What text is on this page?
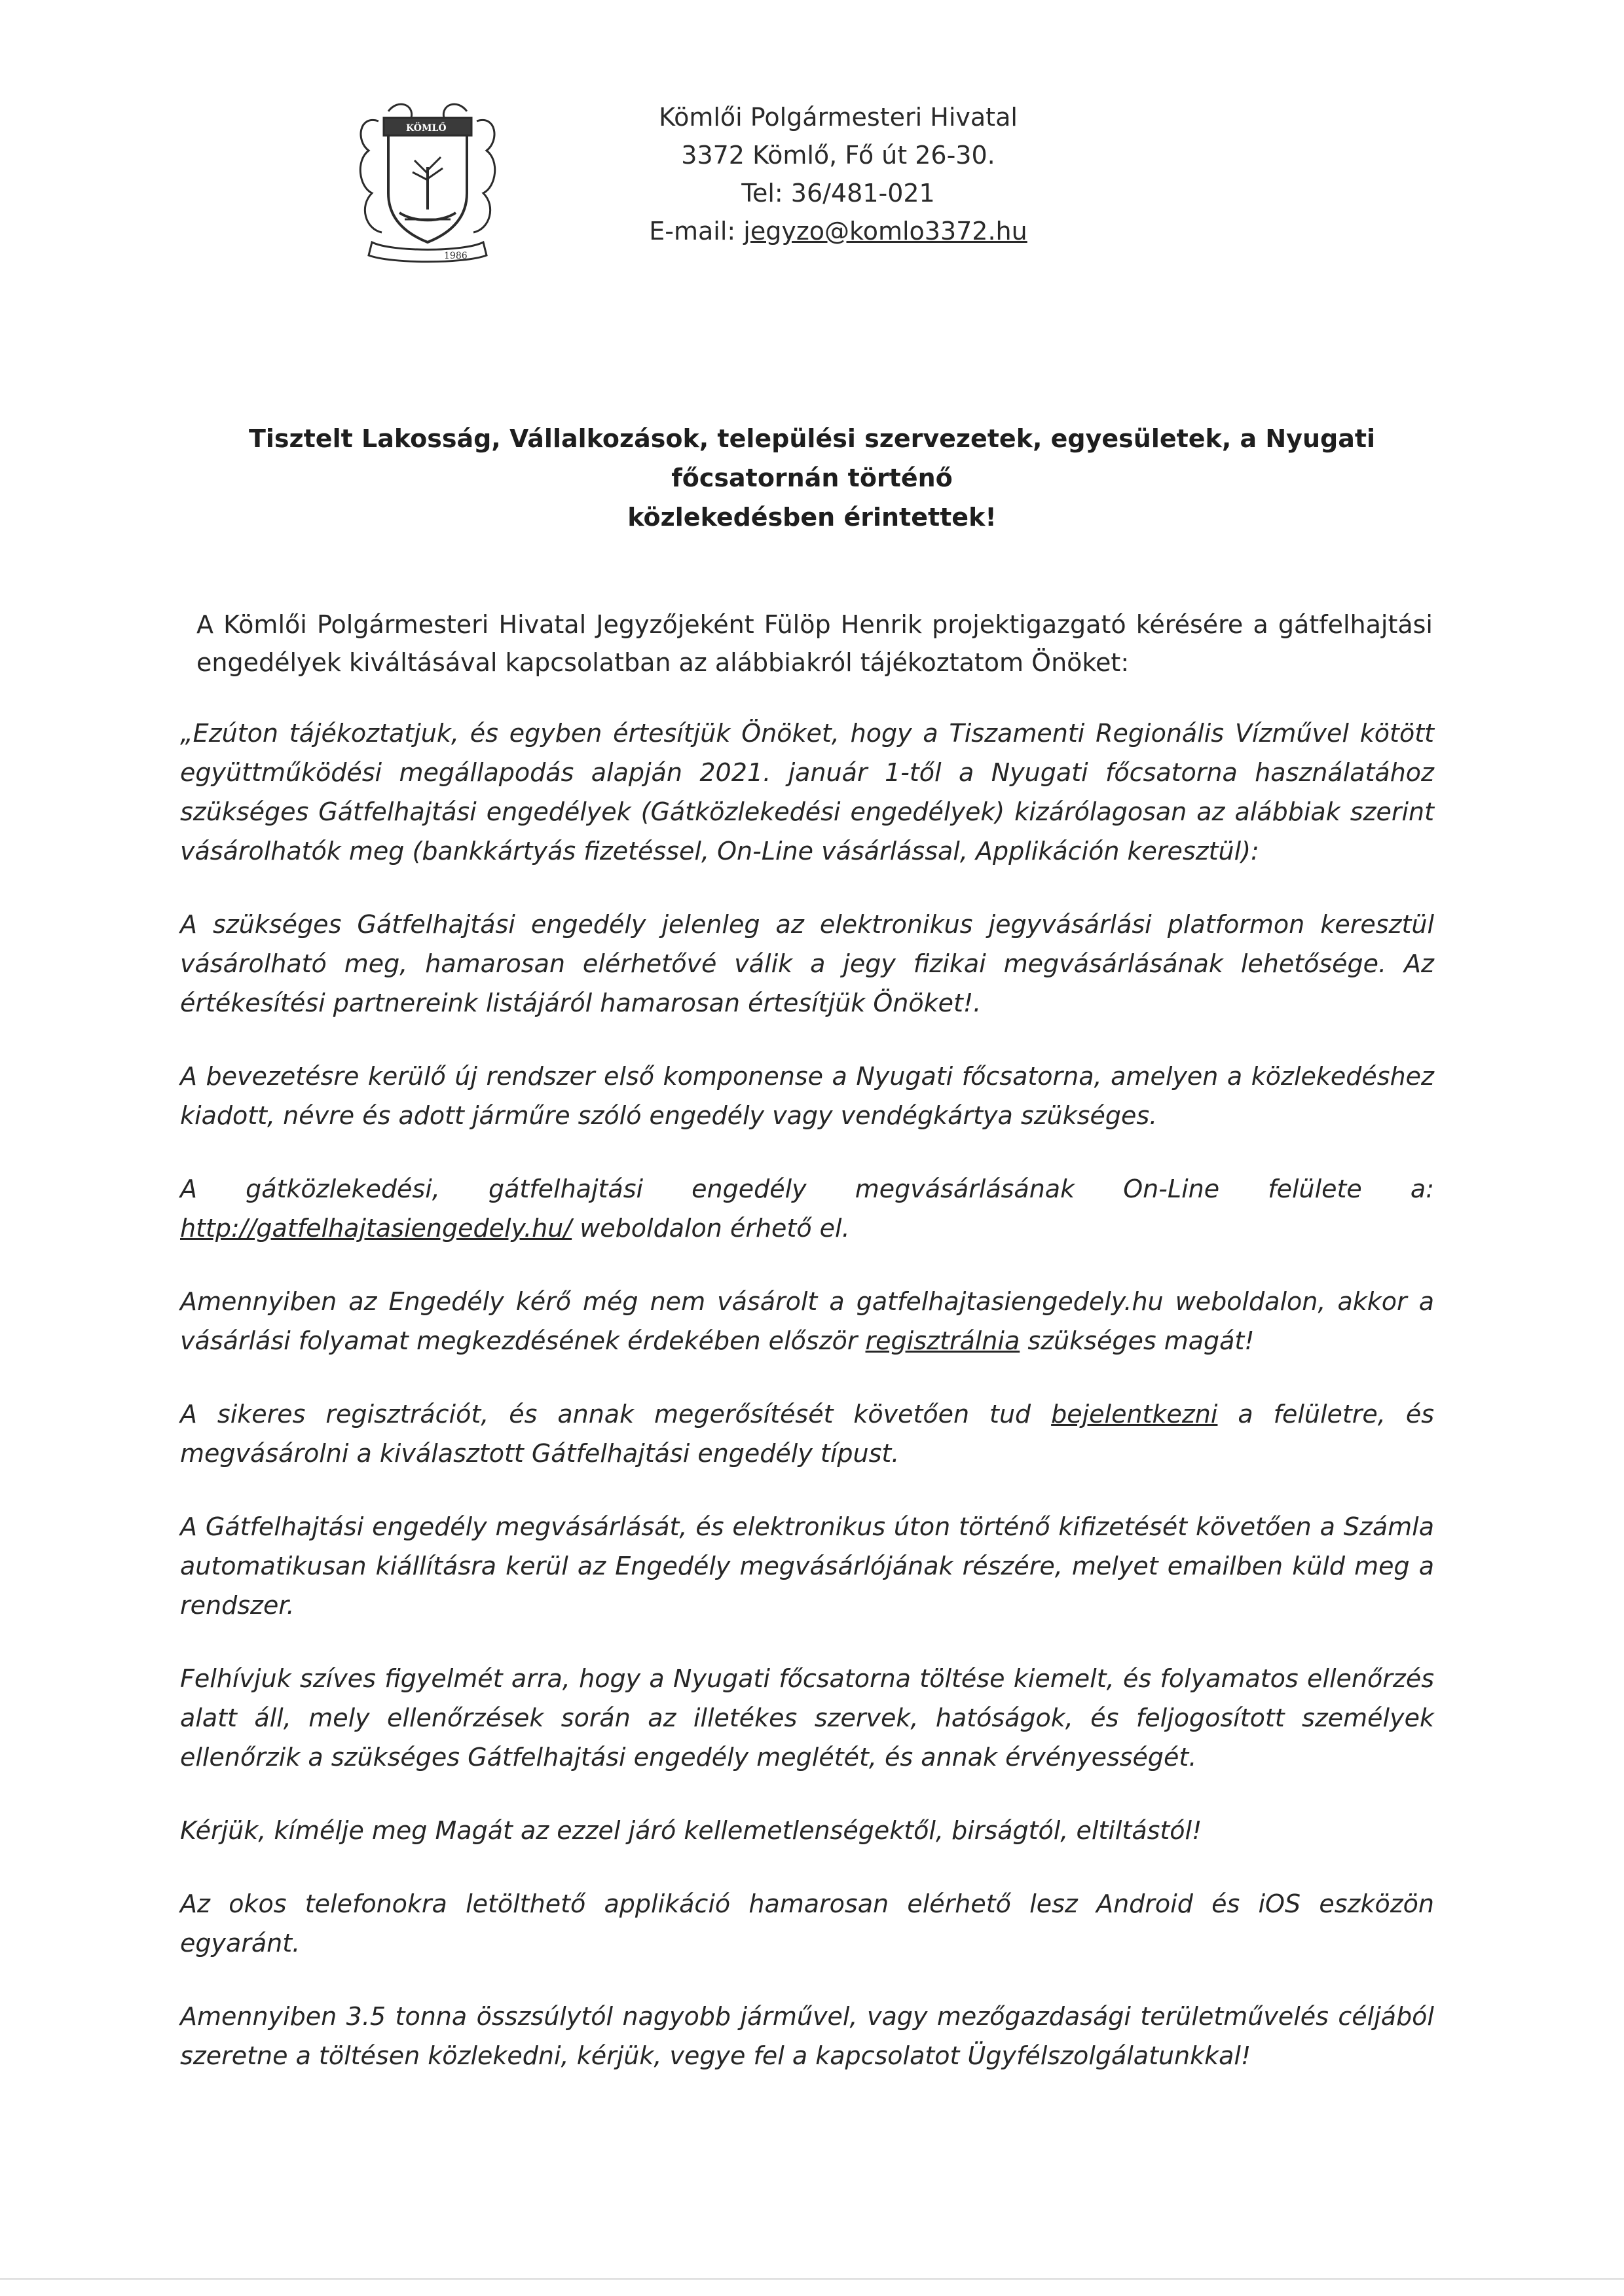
KÖMLŐ
1986
Kömlői Polgármesteri Hivatal
3372 Kömlő, Fő út 26-30.
Tel: 36/481-021
E-mail: jegyzo@komlo3372.hu
Tisztelt Lakosság, Vállalkozások, települési szervezetek, egyesületek, a Nyugati főcsatornán történő
közlekedésben érintettek!
A Kömlői Polgármesteri Hivatal Jegyzőjeként Fülöp Henrik projektigazgató kérésére a gátfelhajtási engedélyek kiváltásával kapcsolatban az alábbiakról tájékoztatom Önöket:

„Ezúton tájékoztatjuk, és egyben értesítjük Önöket, hogy a Tiszamenti Regionális Vízművel kötött együttműködési megállapodás alapján 2021. január 1-től a Nyugati főcsatorna használatához szükséges Gátfelhajtási engedélyek (Gátközlekedési engedélyek) kizárólagosan az alábbiak szerint vásárolhatók meg (bankkártyás fizetéssel, On-Line vásárlással, Applikáción keresztül):

A szükséges Gátfelhajtási engedély jelenleg az elektronikus jegyvásárlási platformon keresztül vásárolható meg, hamarosan elérhetővé válik a jegy fizikai megvásárlásának lehetősége. Az értékesítési partnereink listájáról hamarosan értesítjük Önöket!.

A bevezetésre kerülő új rendszer első komponense a Nyugati főcsatorna, amelyen a közlekedéshez kiadott, névre és adott járműre szóló engedély vagy vendégkártya szükséges.

A gátközlekedési, gátfelhajtási engedély megvásárlásának On-Line felülete a:

http://gatfelhajtasiengedely.hu/ weboldalon érhető el.

Amennyiben az Engedély kérő még nem vásárolt a gatfelhajtasiengedely.hu weboldalon, akkor a vásárlási folyamat megkezdésének érdekében először regisztrálnia szükséges magát!

A sikeres regisztrációt, és annak megerősítését követően tud bejelentkezni a felületre, és megvásárolni a kiválasztott Gátfelhajtási engedély típust.

A Gátfelhajtási engedély megvásárlását, és elektronikus úton történő kifizetését követően a Számla automatikusan kiállításra kerül az Engedély megvásárlójának részére, melyet emailben küld meg a rendszer.

Felhívjuk szíves figyelmét arra, hogy a Nyugati főcsatorna töltése kiemelt, és folyamatos ellenőrzés alatt áll, mely ellenőrzések során az illetékes szervek, hatóságok, és feljogosított személyek ellenőrzik a szükséges Gátfelhajtási engedély meglétét, és annak érvényességét.

Kérjük, kímélje meg Magát az ezzel járó kellemetlenségektől, birságtól, eltiltástól!

Az okos telefonokra letölthető applikáció hamarosan elérhető lesz Android és iOS eszközön egyaránt.

Amennyiben 3.5 tonna összsúlytól nagyobb járművel, vagy mezőgazdasági területművelés céljából szeretne a töltésen közlekedni, kérjük, vegye fel a kapcsolatot Ügyfélszolgálatunkkal!
